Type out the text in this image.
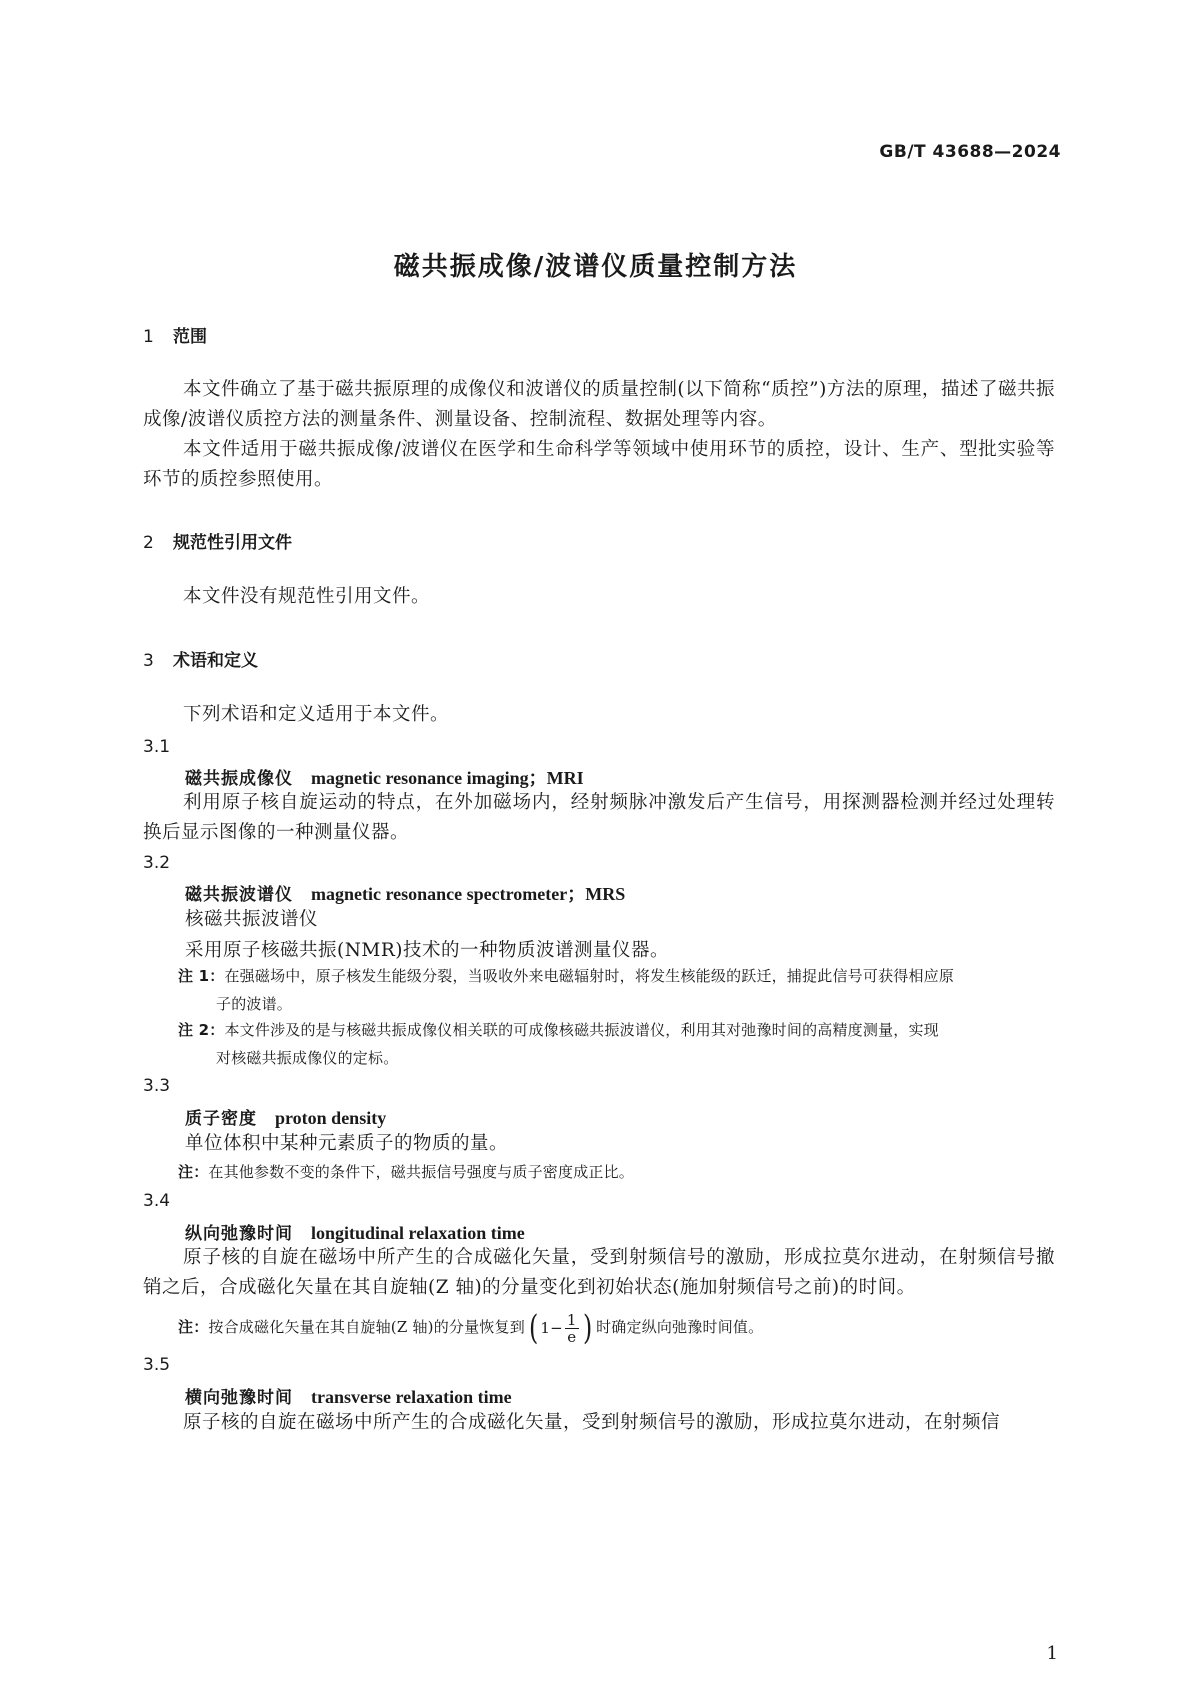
GB/T 43688—2024
磁共振成像/波谱仪质量控制方法
1 范围
本文件确立了基于磁共振原理的成像仪和波谱仪的质量控制(以下简称“质控”)方法的原理，描述了磁共振成像/波谱仪质控方法的测量条件、测量设备、控制流程、数据处理等内容。
本文件适用于磁共振成像/波谱仪在医学和生命科学等领域中使用环节的质控，设计、生产、型批实验等环节的质控参照使用。
2 规范性引用文件
本文件没有规范性引用文件。
3 术语和定义
下列术语和定义适用于本文件。
3.1
磁共振成像仪 magnetic resonance imaging；MRI
利用原子核自旋运动的特点，在外加磁场内，经射频脉冲激发后产生信号，用探测器检测并经过处理转换后显示图像的一种测量仪器。
3.2
磁共振波谱仪 magnetic resonance spectrometer；MRS
核磁共振波谱仪
采用原子核磁共振(NMR)技术的一种物质波谱测量仪器。
注 1：在强磁场中，原子核发生能级分裂，当吸收外来电磁辐射时，将发生核能级的跃迁，捕捉此信号可获得相应原
子的波谱。
注 2：本文件涉及的是与核磁共振成像仪相关联的可成像核磁共振波谱仪，利用其对弛豫时间的高精度测量，实现
对核磁共振成像仪的定标。
3.3
质子密度 proton density
单位体积中某种元素质子的物质的量。
注：在其他参数不变的条件下，磁共振信号强度与质子密度成正比。
3.4
纵向弛豫时间 longitudinal relaxation time
原子核的自旋在磁场中所产生的合成磁化矢量，受到射频信号的激励，形成拉莫尔进动，在射频信号撤销之后，合成磁化矢量在其自旋轴(Z 轴)的分量变化到初始状态(施加射频信号之前)的时间。
注：按合成磁化矢量在其自旋轴(Z 轴)的分量恢复到 ( $1- \frac{1}{e}$ ) 时确定纵向弛豫时间值。
3.5
横向弛豫时间 transverse relaxation time
原子核的自旋在磁场中所产生的合成磁化矢量，受到射频信号的激励，形成拉莫尔进动，在射频信
1
